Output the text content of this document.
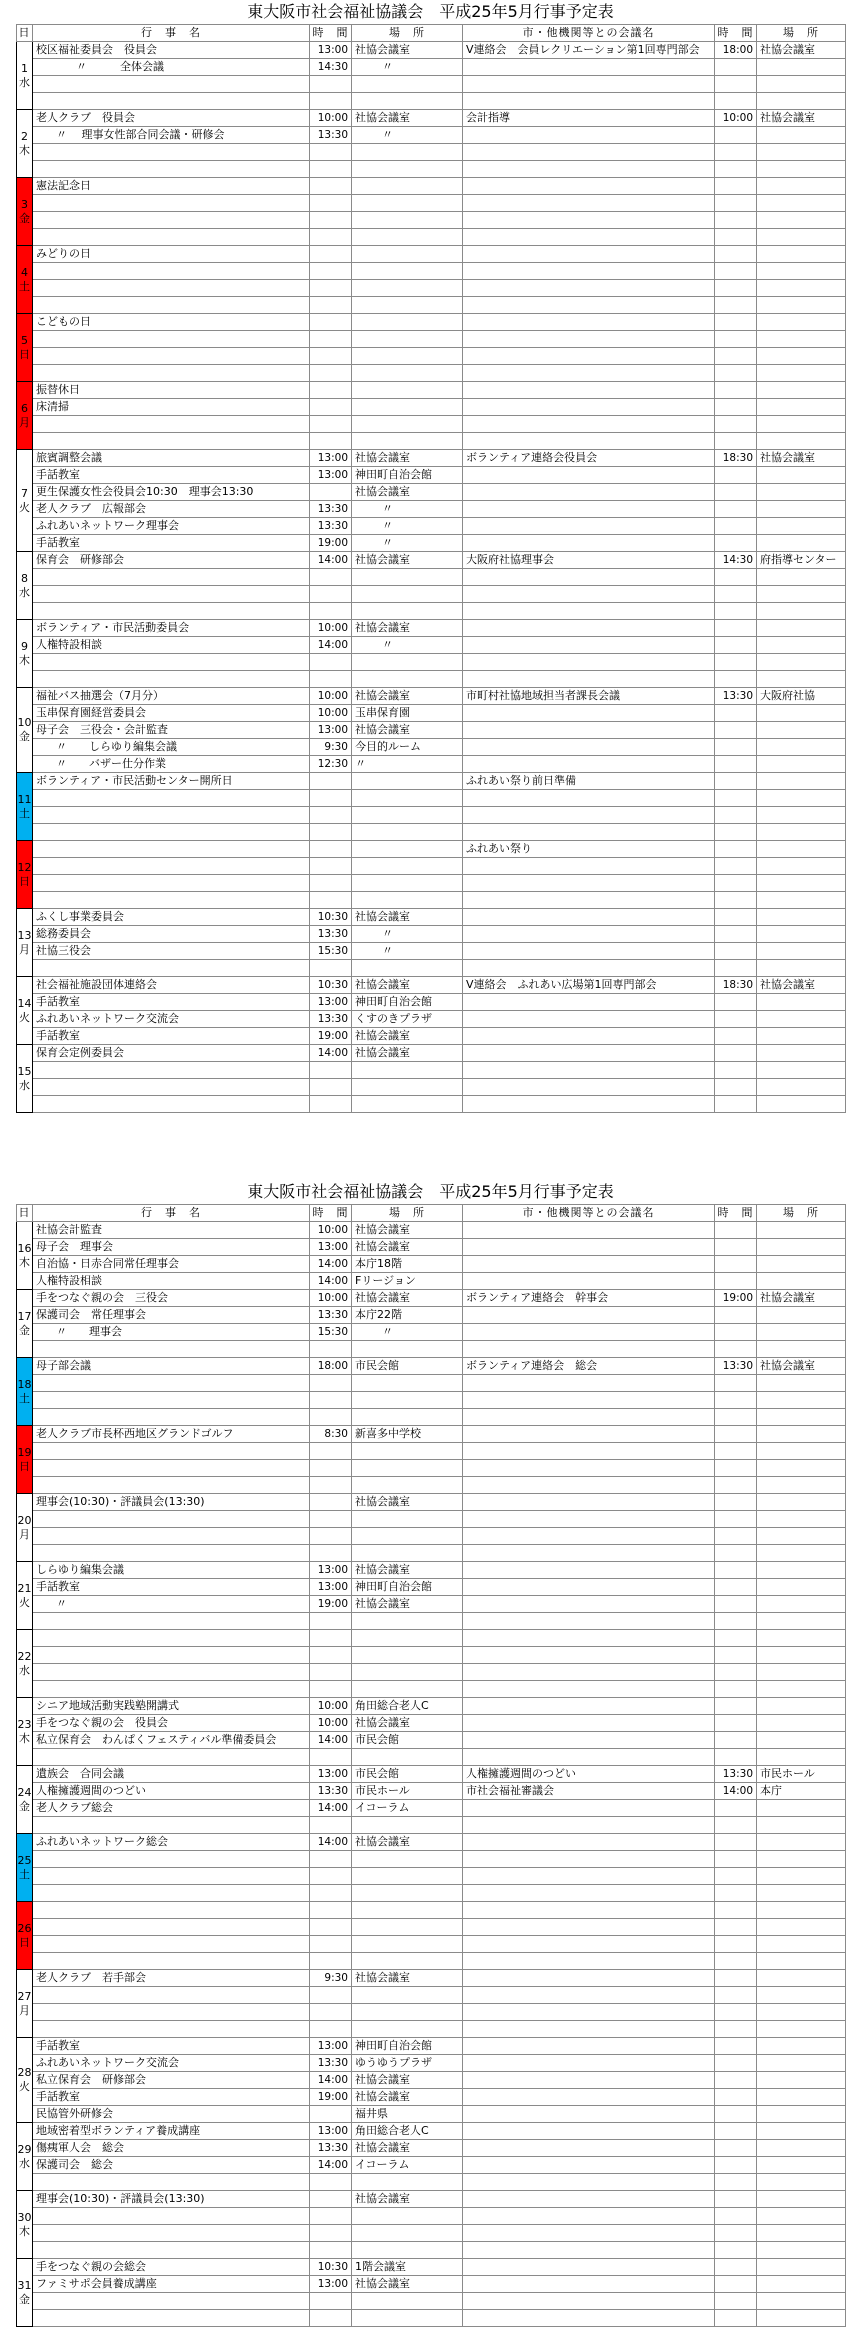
東大阪市社会福祉協議会　平成25年5月行事予定表
日	行　事　名	時　間	場　所	市・他機関等との会議名	時　間	場　所

1
水	校区福祉委員会　役員会	13:00	社協会議室	V連絡会　会員レクリエーション第1回専門部会	18:00	社協会議室
	〃　　　全体会議	14:30	〃			

2
木	老人クラブ　役員会	10:00	社協会議室	会計指導	10:00	社協会議室
	〃　 理事女性部合同会議・研修会	13:30	〃			

3
金	憲法記念日					

4
土	みどりの日					

5
日	こどもの日					

6
月	振替休日					
	床清掃					

7
火	旅賓調整会議	13:00	社協会議室	ボランティア連絡会役員会	18:30	社協会議室
	手話教室	13:00	神田町自治会館			
	更生保護女性会役員会10:30　理事会13:30		社協会議室			
	老人クラブ　広報部会	13:30	〃			
	ふれあいネットワーク理事会	13:30	〃			
	手話教室	19:00	〃			

8
水	保育会　研修部会	14:00	社協会議室	大阪府社協理事会	14:30	府指導センター

9
木	ボランティア・市民活動委員会	10:00	社協会議室			
	人権特設相談	14:00	〃			

10
金	福祉バス抽選会（7月分）	10:00	社協会議室	市町村社協地域担当者課長会議	13:30	大阪府社協
	玉串保育園経営委員会	10:00	玉串保育園			
	母子会　三役会・会計監査	13:00	社協会議室			
	〃　　しらゆり編集会議	9:30	今目的ルーム			
	〃　　バザー仕分作業	12:30	〃			

11
土	ボランティア・市民活動センター開所日			ふれあい祭り前日準備		

12
日				ふれあい祭り		

13
月	ふくし事業委員会	10:30	社協会議室			
	総務委員会	13:30	〃			
	社協三役会	15:30	〃			

14
火	社会福祉施設団体連絡会	10:30	社協会議室	V連絡会　ふれあい広場第1回専門部会	18:30	社協会議室
	手話教室	13:00	神田町自治会館			
	ふれあいネットワーク交流会	13:30	くすのきプラザ			
	手話教室	19:00	社協会議室			

15
水	保育会定例委員会	14:00	社協会議室			

東大阪市社会福祉協議会　平成25年5月行事予定表
日	行　事　名	時　間	場　所	市・他機関等との会議名	時　間	場　所

16
木	社協会計監査	10:00	社協会議室			
	母子会　理事会	13:00	社協会議室			
	自治協・日赤合同常任理事会	14:00	本庁18階			
	人権特設相談	14:00	Fリージョン			

17
金	手をつなぐ親の会　三役会	10:00	社協会議室	ボランティア連絡会　幹事会	19:00	社協会議室
	保護司会　常任理事会	13:30	本庁22階			
	〃　　理事会	15:30	〃			

18
土	母子部会議	18:00	市民会館	ボランティア連絡会　総会	13:30	社協会議室

19
日	老人クラブ市長杯西地区グランドゴルフ	8:30	新喜多中学校			

20
月	理事会(10:30)・評議員会(13:30)		社協会議室			

21
火	しらゆり編集会議	13:00	社協会議室			
	手話教室	13:00	神田町自治会館			
	〃	19:00	社協会議室			

22
水						

23
木	シニア地域活動実践塾開講式	10:00	角田総合老人C			
	手をつなぐ親の会　役員会	10:00	社協会議室			
	私立保育会　わんぱくフェスティバル準備委員会	14:00	市民会館			

24
金	遺族会　合同会議	13:00	市民会館	人権擁護週間のつどい	13:30	市民ホール
	人権擁護週間のつどい	13:30	市民ホール	市社会福祉審議会	14:00	本庁
	老人クラブ総会	14:00	イコーラム			

25
土	ふれあいネットワーク総会	14:00	社協会議室			

26
日						

27
月	老人クラブ　若手部会	9:30	社協会議室			

28
火	手話教室	13:00	神田町自治会館			
	ふれあいネットワーク交流会	13:30	ゆうゆうプラザ			
	私立保育会　研修部会	14:00	社協会議室			
	手話教室	19:00	社協会議室			
	民協管外研修会		福井県			

29
水	地域密着型ボランティア養成講座	13:00	角田総合老人C			
	傷痍軍人会　総会	13:30	社協会議室			
	保護司会　総会	14:00	イコーラム			

30
木	理事会(10:30)・評議員会(13:30)		社協会議室			

31
金	手をつなぐ親の会総会	10:30	1階会議室			
	ファミサポ会員養成講座	13:00	社協会議室			
